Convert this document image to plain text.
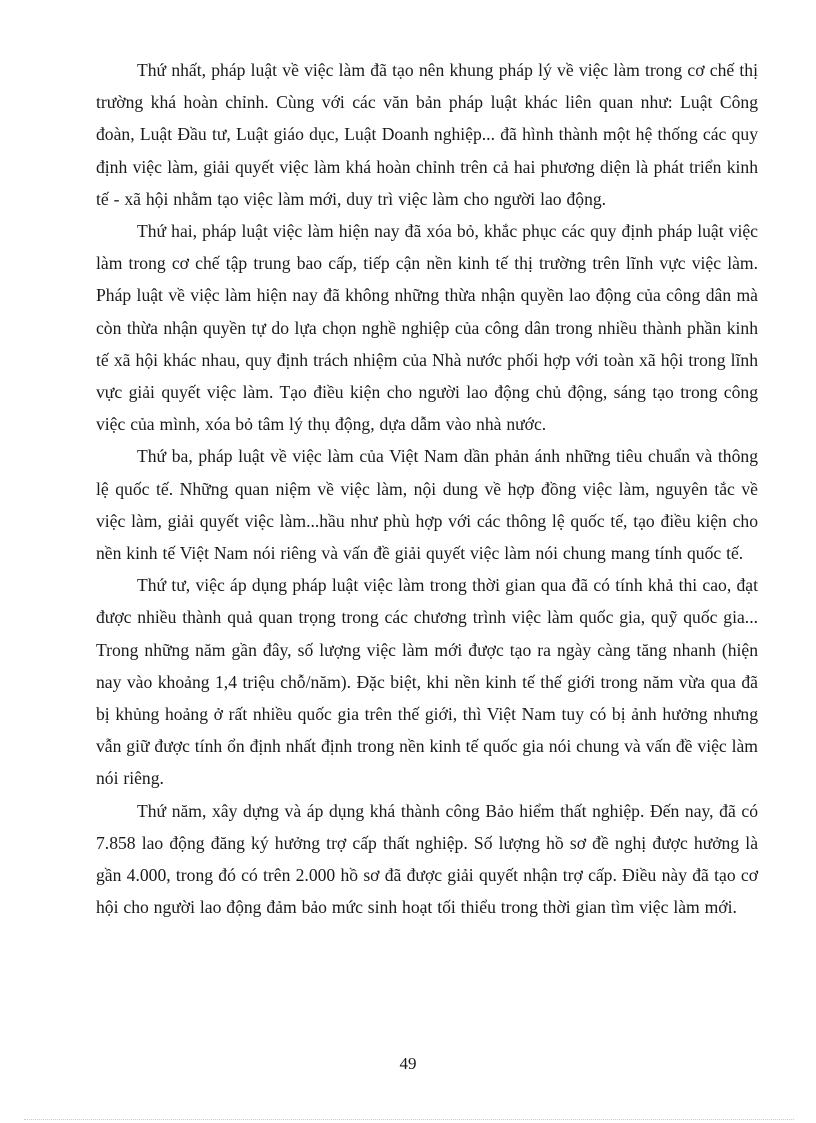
Thứ nhất, pháp luật về việc làm đã tạo nên khung pháp lý về việc làm trong cơ chế thị trường khá hoàn chỉnh. Cùng với các văn bản pháp luật khác liên quan như: Luật Công đoàn, Luật Đầu tư, Luật giáo dục, Luật Doanh nghiệp... đã hình thành một hệ thống các quy định việc làm, giải quyết việc làm khá hoàn chỉnh trên cả hai phương diện là phát triển kinh tế - xã hội nhằm tạo việc làm mới, duy trì việc làm cho người lao động.

Thứ hai, pháp luật việc làm hiện nay đã xóa bỏ, khắc phục các quy định pháp luật việc làm trong cơ chế tập trung bao cấp, tiếp cận nền kinh tế thị trường trên lĩnh vực việc làm. Pháp luật về việc làm hiện nay đã không những thừa nhận quyền lao động của công dân mà còn thừa nhận quyền tự do lựa chọn nghề nghiệp của công dân trong nhiều thành phần kinh tế xã hội khác nhau, quy định trách nhiệm của Nhà nước phối hợp với toàn xã hội trong lĩnh vực giải quyết việc làm. Tạo điều kiện cho người lao động chủ động, sáng tạo trong công việc của mình, xóa bỏ tâm lý thụ động, dựa dẫm vào nhà nước.

Thứ ba, pháp luật về việc làm của Việt Nam dần phản ánh những tiêu chuẩn và thông lệ quốc tế. Những quan niệm về việc làm, nội dung về hợp đồng việc làm, nguyên tắc về việc làm, giải quyết việc làm...hầu như phù hợp với các thông lệ quốc tế, tạo điều kiện cho nền kinh tế Việt Nam nói riêng và vấn đề giải quyết việc làm nói chung mang tính quốc tế.

Thứ tư, việc áp dụng pháp luật việc làm trong thời gian qua đã có tính khả thi cao, đạt được nhiều thành quả quan trọng trong các chương trình việc làm quốc gia, quỹ quốc gia... Trong những năm gần đây, số lượng việc làm mới được tạo ra ngày càng tăng nhanh (hiện nay vào khoảng 1,4 triệu chỗ/năm). Đặc biệt, khi nền kinh tế thế giới trong năm vừa qua đã bị khủng hoảng ở rất nhiều quốc gia trên thế giới, thì Việt Nam tuy có bị ảnh hưởng nhưng vẫn giữ được tính ổn định nhất định trong nền kinh tế quốc gia nói chung và vấn đề việc làm nói riêng.

Thứ năm, xây dựng và áp dụng khá thành công Bảo hiểm thất nghiệp. Đến nay, đã có 7.858 lao động đăng ký hưởng trợ cấp thất nghiệp. Số lượng hồ sơ đề nghị được hưởng là gần 4.000, trong đó có trên 2.000 hồ sơ đã được giải quyết nhận trợ cấp. Điều này đã tạo cơ hội cho người lao động đảm bảo mức sinh hoạt tối thiểu trong thời gian tìm việc làm mới.

49
